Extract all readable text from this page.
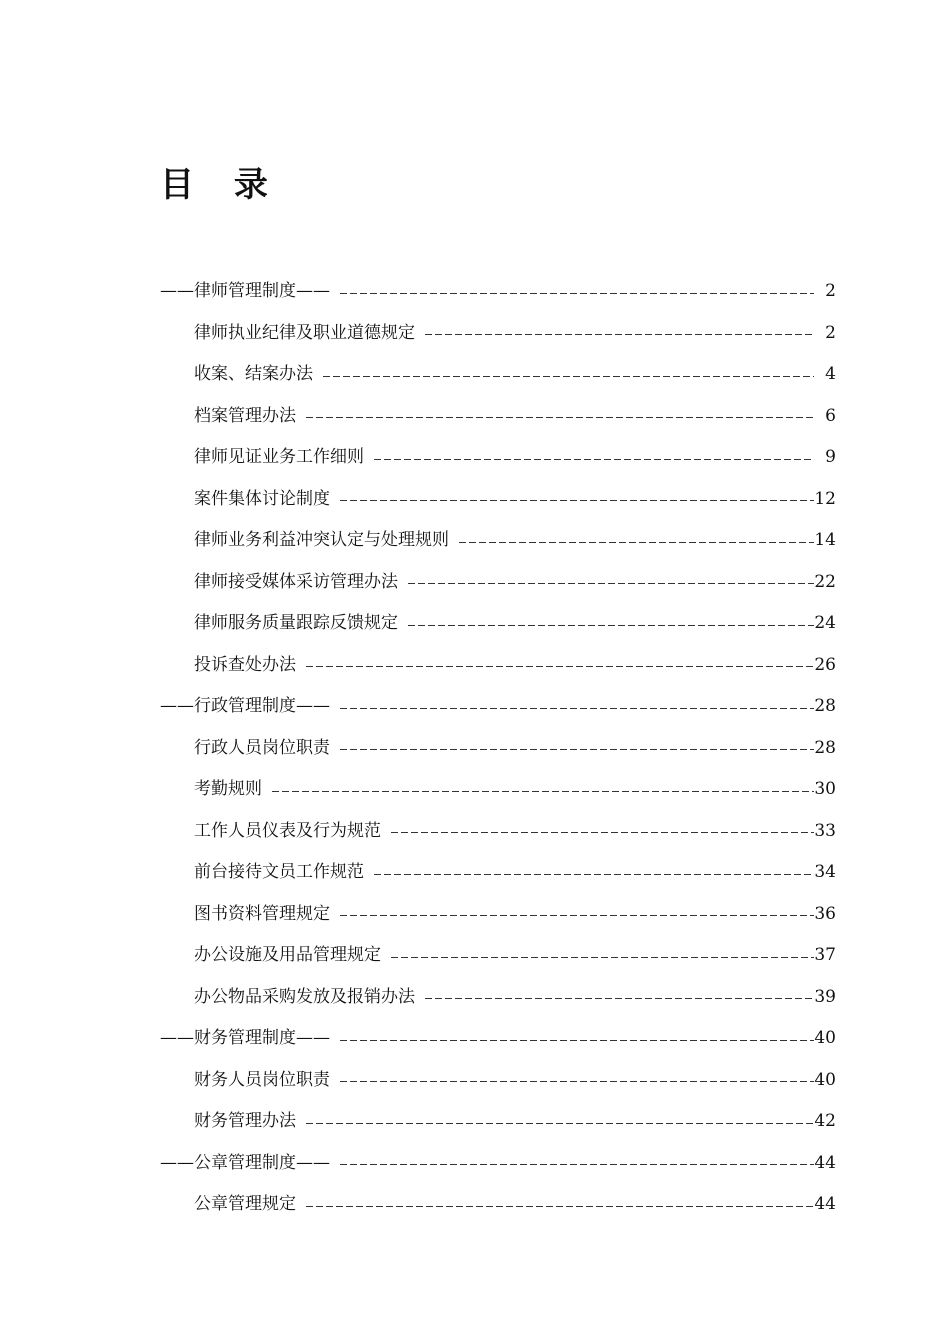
目 录
——律师管理制度——	2
律师执业纪律及职业道德规定	2
收案、结案办法	4
档案管理办法	6
律师见证业务工作细则	9
案件集体讨论制度	12
律师业务利益冲突认定与处理规则	14
律师接受媒体采访管理办法	22
律师服务质量跟踪反馈规定	24
投诉查处办法	26
——行政管理制度——	28
行政人员岗位职责	28
考勤规则	30
工作人员仪表及行为规范	33
前台接待文员工作规范	34
图书资料管理规定	36
办公设施及用品管理规定	37
办公物品采购发放及报销办法	39
——财务管理制度——	40
财务人员岗位职责	40
财务管理办法	42
——公章管理制度——	44
公章管理规定	44
